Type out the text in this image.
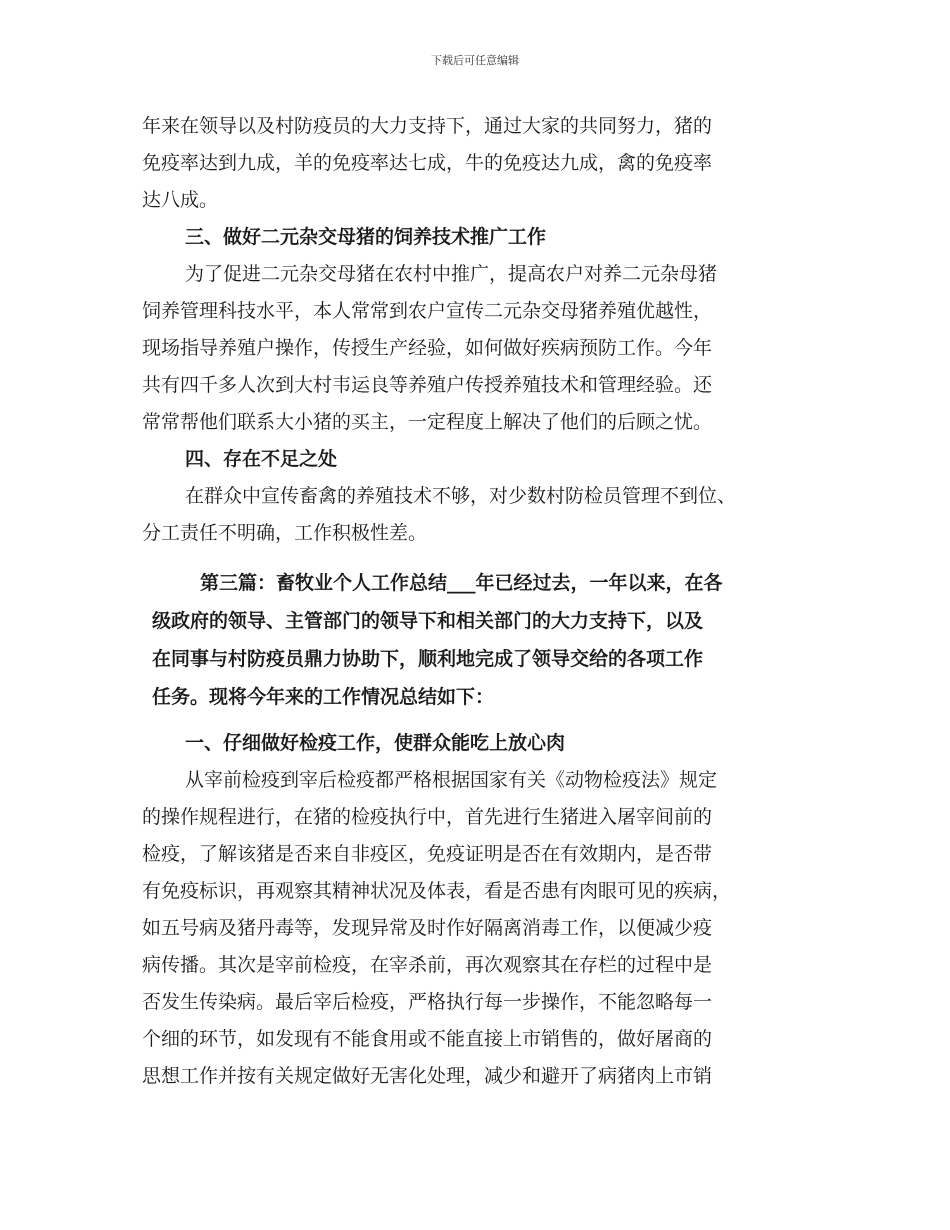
下载后可任意编辑
年来在领导以及村防疫员的大力支持下，通过大家的共同努力，猪的
免疫率达到九成，羊的免疫率达七成，牛的免疫达九成，禽的免疫率
达八成。
三、做好二元杂交母猪的饲养技术推广工作
为了促进二元杂交母猪在农村中推广，提高农户对养二元杂母猪
饲养管理科技水平，本人常常到农户宣传二元杂交母猪养殖优越性，
现场指导养殖户操作，传授生产经验，如何做好疾病预防工作。今年
共有四千多人次到大村韦运良等养殖户传授养殖技术和管理经验。还
常常帮他们联系大小猪的买主，一定程度上解决了他们的后顾之忧。
四、存在不足之处
在群众中宣传畜禽的养殖技术不够，对少数村防检员管理不到位、
分工责任不明确，工作积极性差。
第三篇：畜牧业个人工作总结___年已经过去，一年以来，在各
级政府的领导、主管部门的领导下和相关部门的大力支持下，以及
在同事与村防疫员鼎力协助下，顺利地完成了领导交给的各项工作
任务。现将今年来的工作情况总结如下：
一、仔细做好检疫工作，使群众能吃上放心肉
从宰前检疫到宰后检疫都严格根据国家有关《动物检疫法》规定
的操作规程进行，在猪的检疫执行中，首先进行生猪进入屠宰间前的
检疫，了解该猪是否来自非疫区，免疫证明是否在有效期内，是否带
有免疫标识，再观察其精神状况及体表，看是否患有肉眼可见的疾病，
如五号病及猪丹毒等，发现异常及时作好隔离消毒工作，以便减少疫
病传播。其次是宰前检疫，在宰杀前，再次观察其在存栏的过程中是
否发生传染病。最后宰后检疫，严格执行每一步操作，不能忽略每一
个细的环节，如发现有不能食用或不能直接上市销售的，做好屠商的
思想工作并按有关规定做好无害化处理，减少和避开了病猪肉上市销
